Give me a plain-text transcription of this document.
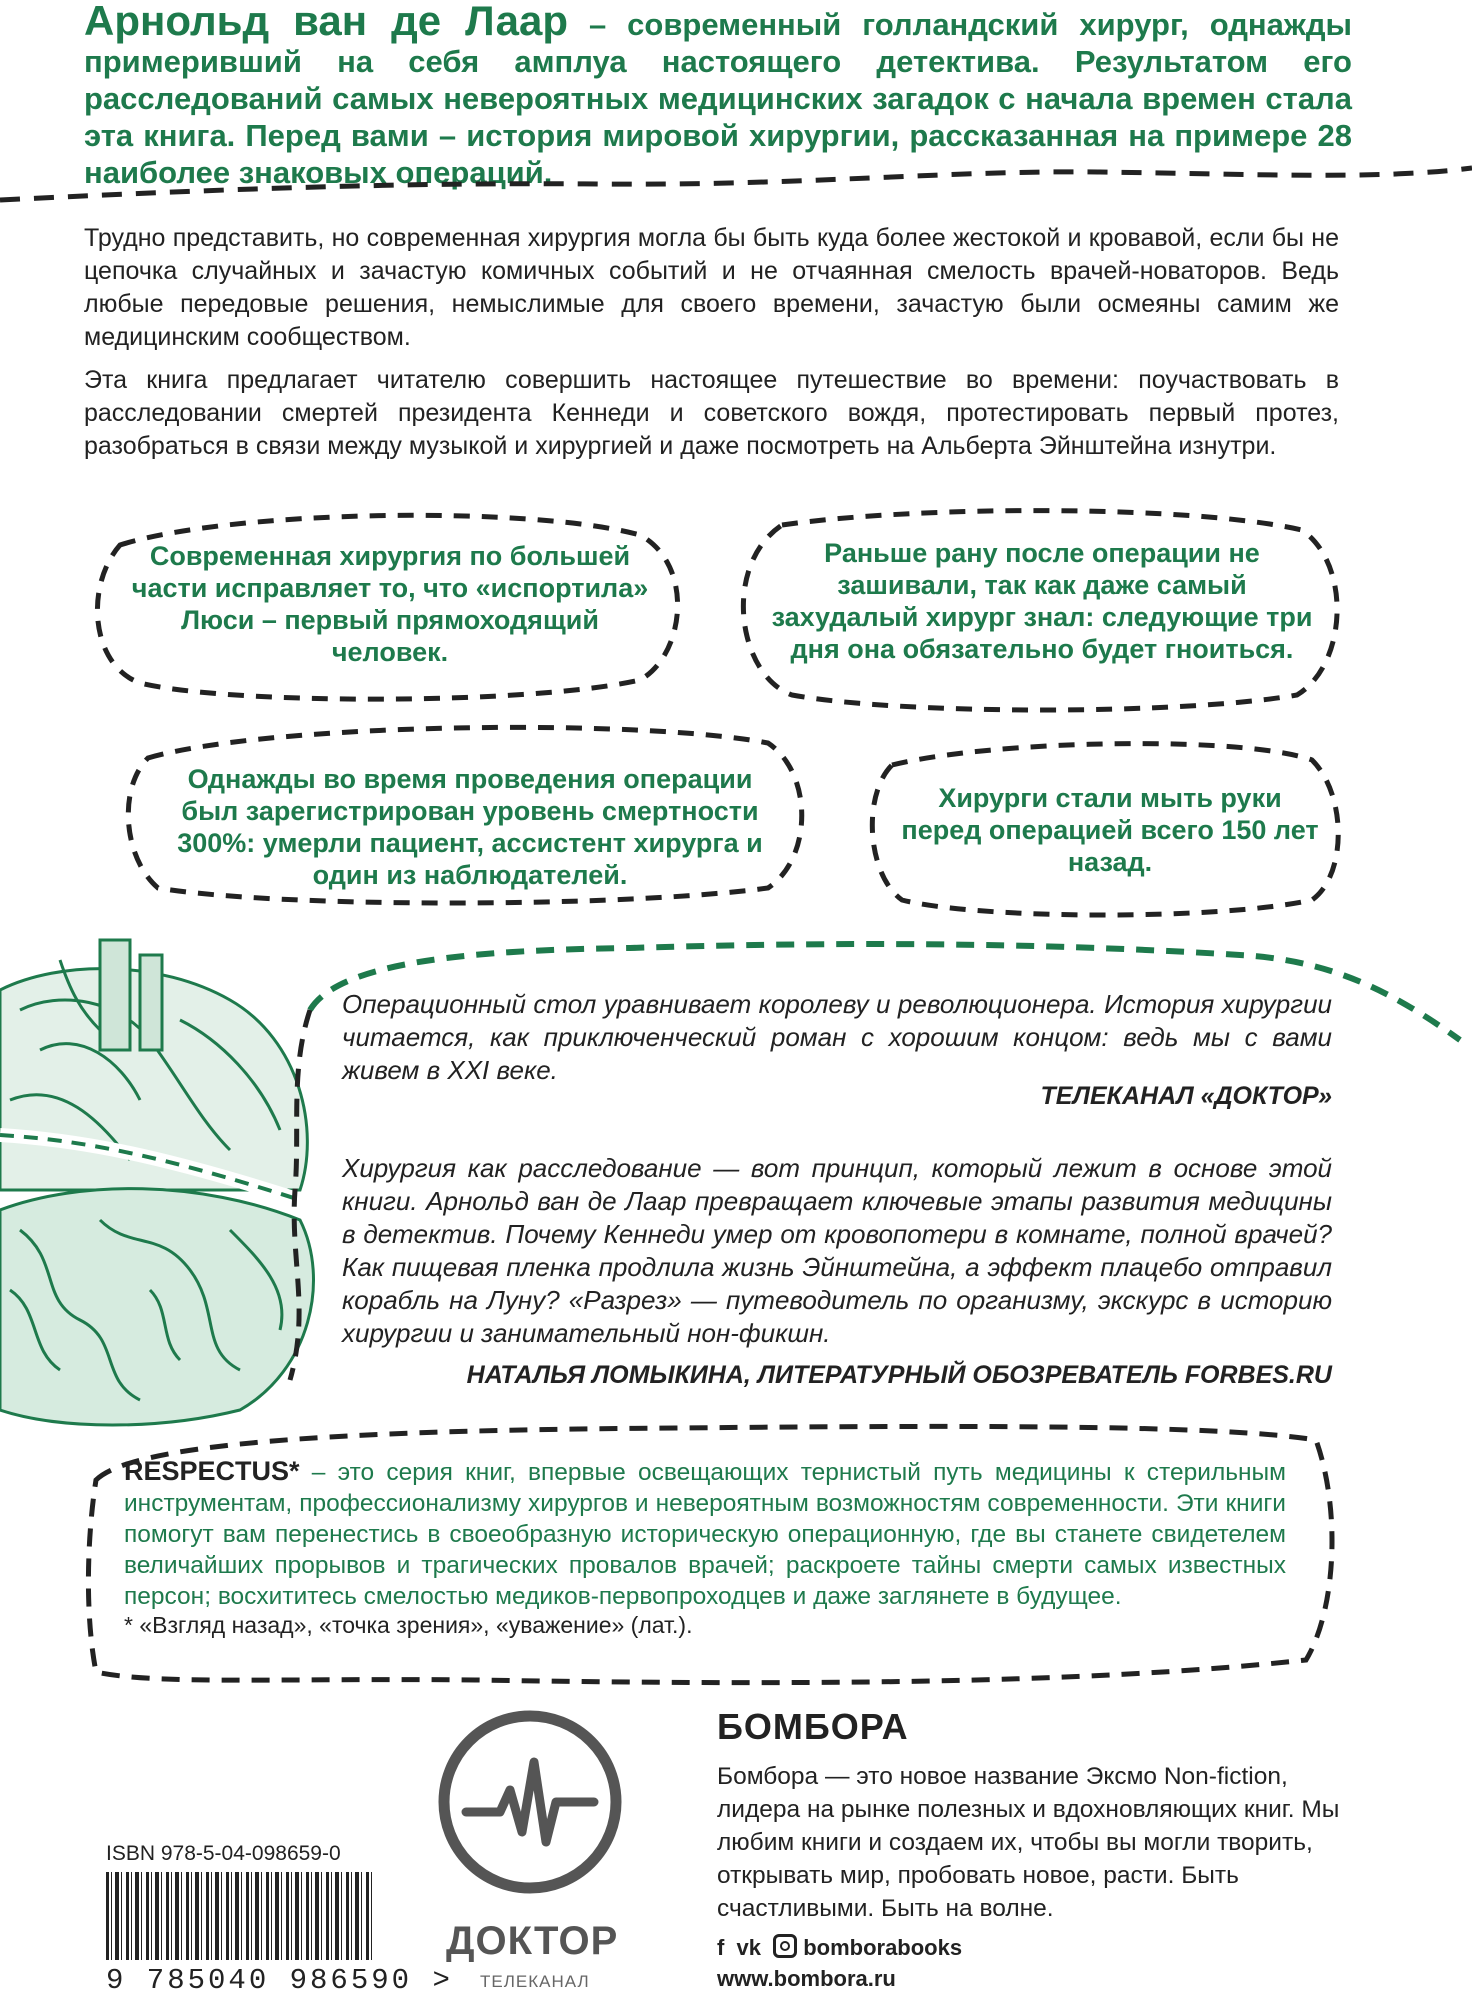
Арнольд ван де Лаар – современный голландский хирург, однажды примеривший на себя амплуа настоящего детектива. Результатом его расследований самых невероятных медицинских загадок с начала времен стала эта книга. Перед вами – история мировой хирургии, рассказанная на примере 28 наиболее знаковых операций.
Трудно представить, но современная хирургия могла бы быть куда более жестокой и кровавой, если бы не цепочка случайных и зачастую комичных событий и не отчаянная смелость врачей-новаторов. Ведь любые передовые решения, немыслимые для своего времени, зачастую были осмеяны самим же медицинским сообществом.
Эта книга предлагает читателю совершить настоящее путешествие во времени: поучаствовать в расследовании смертей президента Кеннеди и советского вождя, протестировать первый протез, разобраться в связи между музыкой и хирургией и даже посмотреть на Альберта Эйнштейна изнутри.
Современная хирургия по большей части исправляет то, что «испортила» Люси – первый прямоходящий человек.
Раньше рану после операции не зашивали, так как даже самый захудалый хирург знал: следующие три дня она обязательно будет гноиться.
Однажды во время проведения операции был зарегистрирован уровень смертности 300%: умерли пациент, ассистент хирурга и один из наблюдателей.
Хирурги стали мыть руки перед операцией всего 150 лет назад.
Операционный стол уравнивает королеву и революционера. История хирургии читается, как приключенческий роман с хорошим концом: ведь мы с вами живем в XXI веке.
ТЕЛЕКАНАЛ «ДОКТОР»
Хирургия как расследование — вот принцип, который лежит в основе этой книги. Арнольд ван де Лаар превращает ключевые этапы развития медицины в детектив. Почему Кеннеди умер от кровопотери в комнате, полной врачей? Как пищевая пленка продлила жизнь Эйнштейна, а эффект плацебо отправил корабль на Луну? «Разрез» — путеводитель по организму, экскурс в историю хирургии и занимательный нон-фикшн.
НАТАЛЬЯ ЛОМЫКИНА, ЛИТЕРАТУРНЫЙ ОБОЗРЕВАТЕЛЬ FORBES.RU
RESPECTUS* – это серия книг, впервые освещающих тернистый путь медицины к стерильным инструментам, профессионализму хирургов и невероятным возможностям современности. Эти книги помогут вам перенестись в своеобразную историческую операционную, где вы станете свидетелем величайших прорывов и трагических провалов врачей; раскроете тайны смерти самых известных персон; восхититесь смелостью медиков-первопроходцев и даже заглянете в будущее.
* «Взгляд назад», «точка зрения», «уважение» (лат.).
ДОКТОР
ТЕЛЕКАНАЛ
ISBN 978-5-04-098659-0
9 785040 986590 >
БОМБОРА
Бомбора — это новое название Эксмо Non-fiction, лидера на рынке полезных и вдохновляющих книг. Мы любим книги и создаем их, чтобы вы могли творить, открывать мир, пробовать новое, расти. Быть счастливыми. Быть на волне.
f vk bomborabooks
www.bombora.ru
